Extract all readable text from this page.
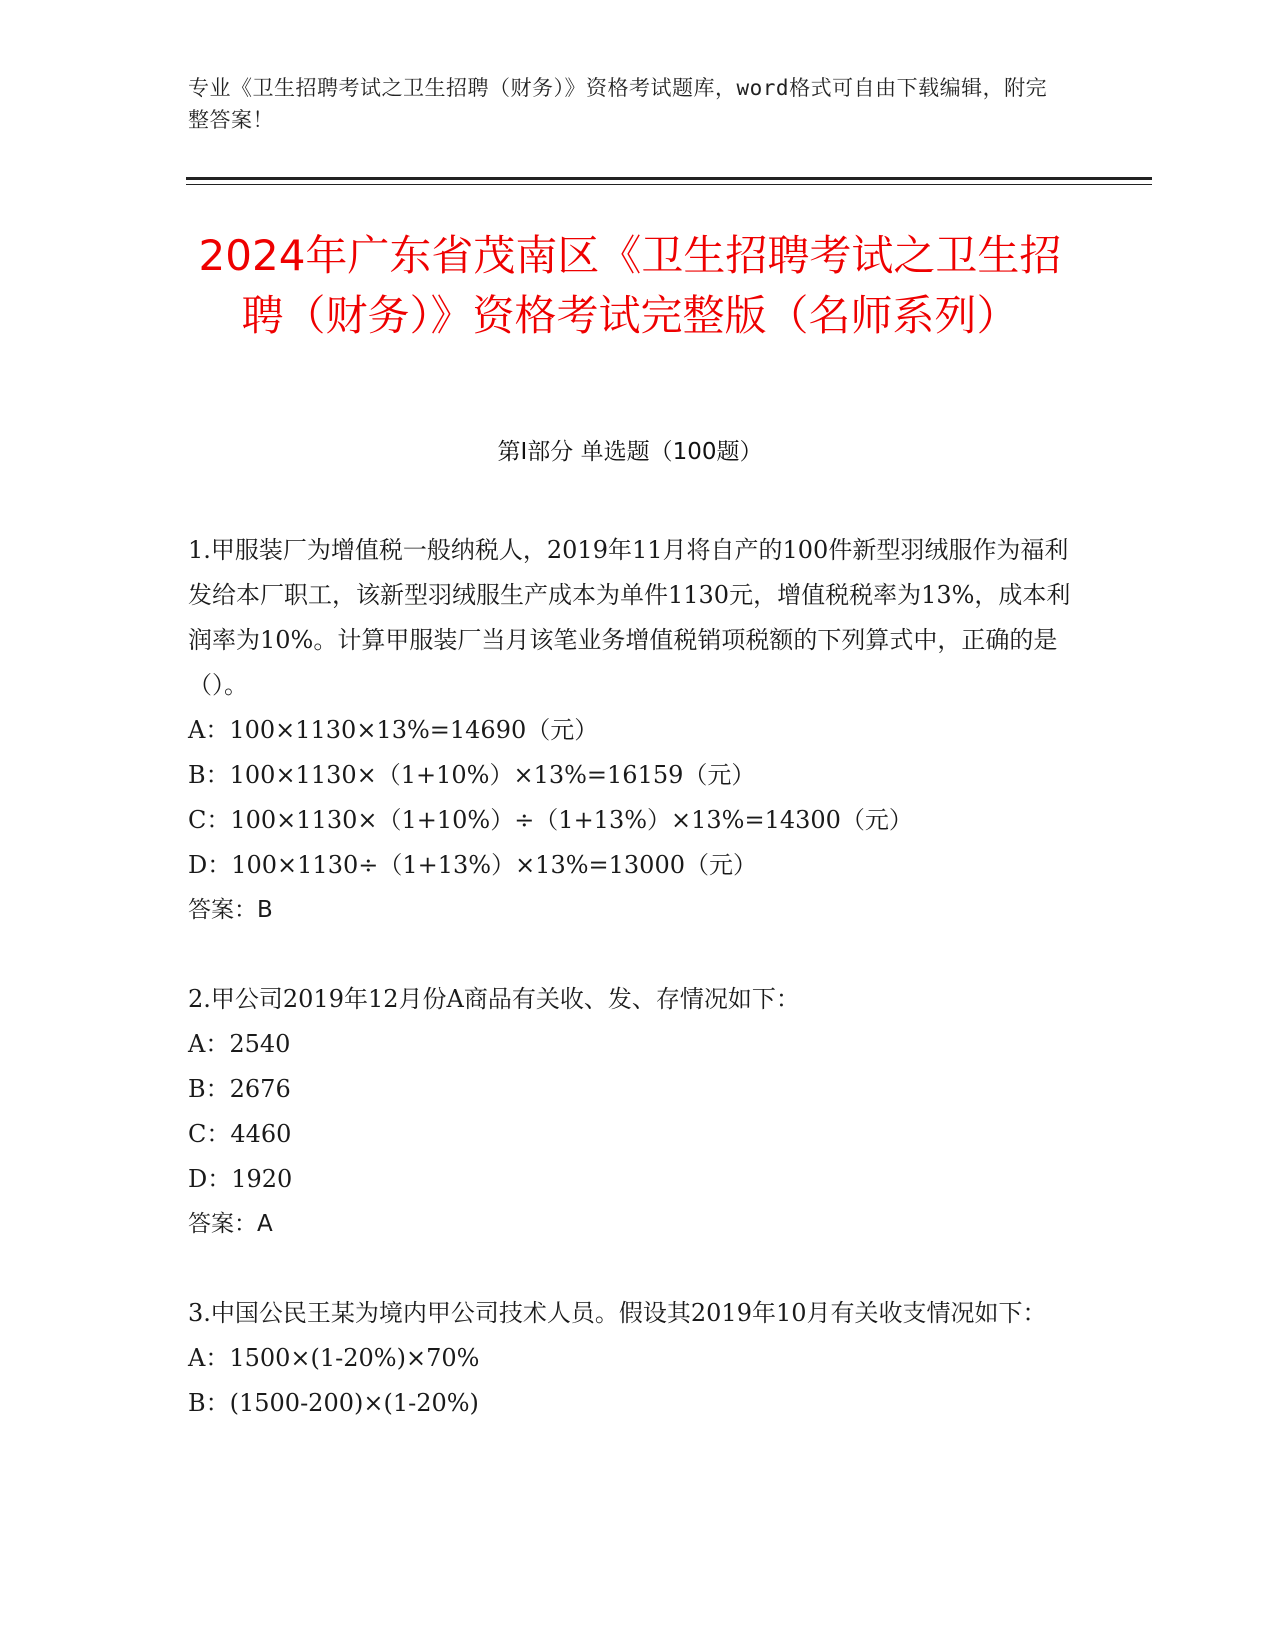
专业《卫生招聘考试之卫生招聘（财务）》资格考试题库，word格式可自由下载编辑，附完整答案！
2024年广东省茂南区《卫生招聘考试之卫生招聘（财务）》资格考试完整版（名师系列）
第I部分 单选题（100题）

1.甲服装厂为增值税一般纳税人，2019年11月将自产的100件新型羽绒服作为福利发给本厂职工，该新型羽绒服生产成本为单件1130元，增值税税率为13%，成本利润率为10%。计算甲服装厂当月该笔业务增值税销项税额的下列算式中，正确的是（）。

A：100×1130×13%=14690（元）

B：100×1130×（1+10%）×13%=16159（元）

C：100×1130×（1+10%）÷（1+13%）×13%=14300（元）

D：100×1130÷（1+13%）×13%=13000（元）

答案：B

2.甲公司2019年12月份A商品有关收、发、存情况如下：

A：2540

B：2676

C：4460

D：1920

答案：A

3.中国公民王某为境内甲公司技术人员。假设其2019年10月有关收支情况如下：

A：1500×(1-20%)×70%

B：(1500-200)×(1-20%)
